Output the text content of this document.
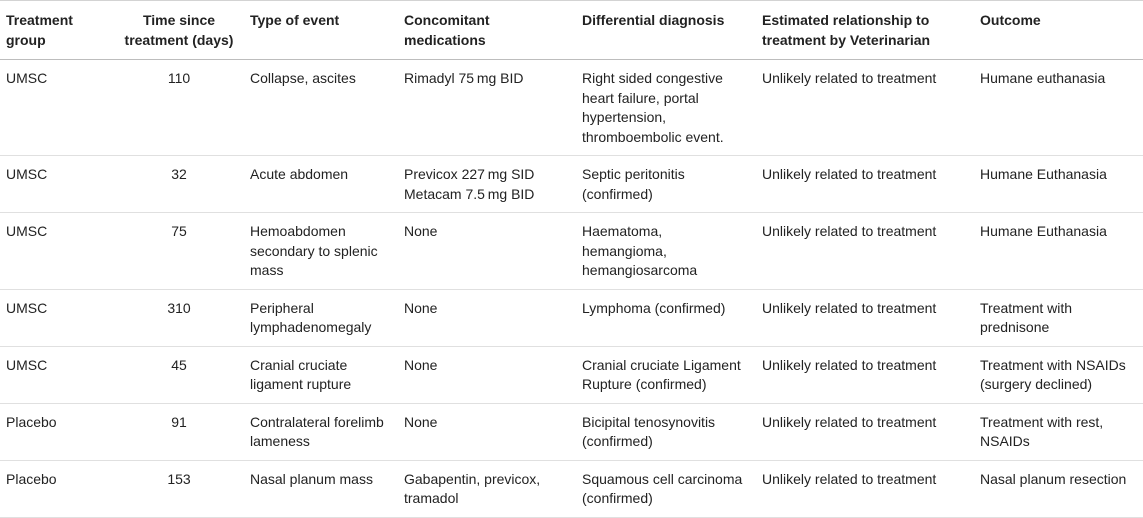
Treatment group	Time since treatment (days)	Type of event	Concomitant medications	Differential diagnosis	Estimated relationship to treatment by Veterinarian	Outcome
UMSC	110	Collapse, ascites	Rimadyl 75 mg BID	Right sided congestive heart failure, portal hypertension, thromboembolic event.	Unlikely related to treatment	Humane euthanasia
UMSC	32	Acute abdomen	Previcox 227 mg SID Metacam 7.5 mg BID	Septic peritonitis (confirmed)	Unlikely related to treatment	Humane Euthanasia
UMSC	75	Hemoabdomen secondary to splenic mass	None	Haematoma, hemangioma, hemangiosarcoma	Unlikely related to treatment	Humane Euthanasia
UMSC	310	Peripheral lymphadenomegaly	None	Lymphoma (confirmed)	Unlikely related to treatment	Treatment with prednisone
UMSC	45	Cranial cruciate ligament rupture	None	Cranial cruciate Ligament Rupture (confirmed)	Unlikely related to treatment	Treatment with NSAIDs (surgery declined)
Placebo	91	Contralateral forelimb lameness	None	Bicipital tenosynovitis (confirmed)	Unlikely related to treatment	Treatment with rest, NSAIDs
Placebo	153	Nasal planum mass	Gabapentin, previcox, tramadol	Squamous cell carcinoma (confirmed)	Unlikely related to treatment	Nasal planum resection
